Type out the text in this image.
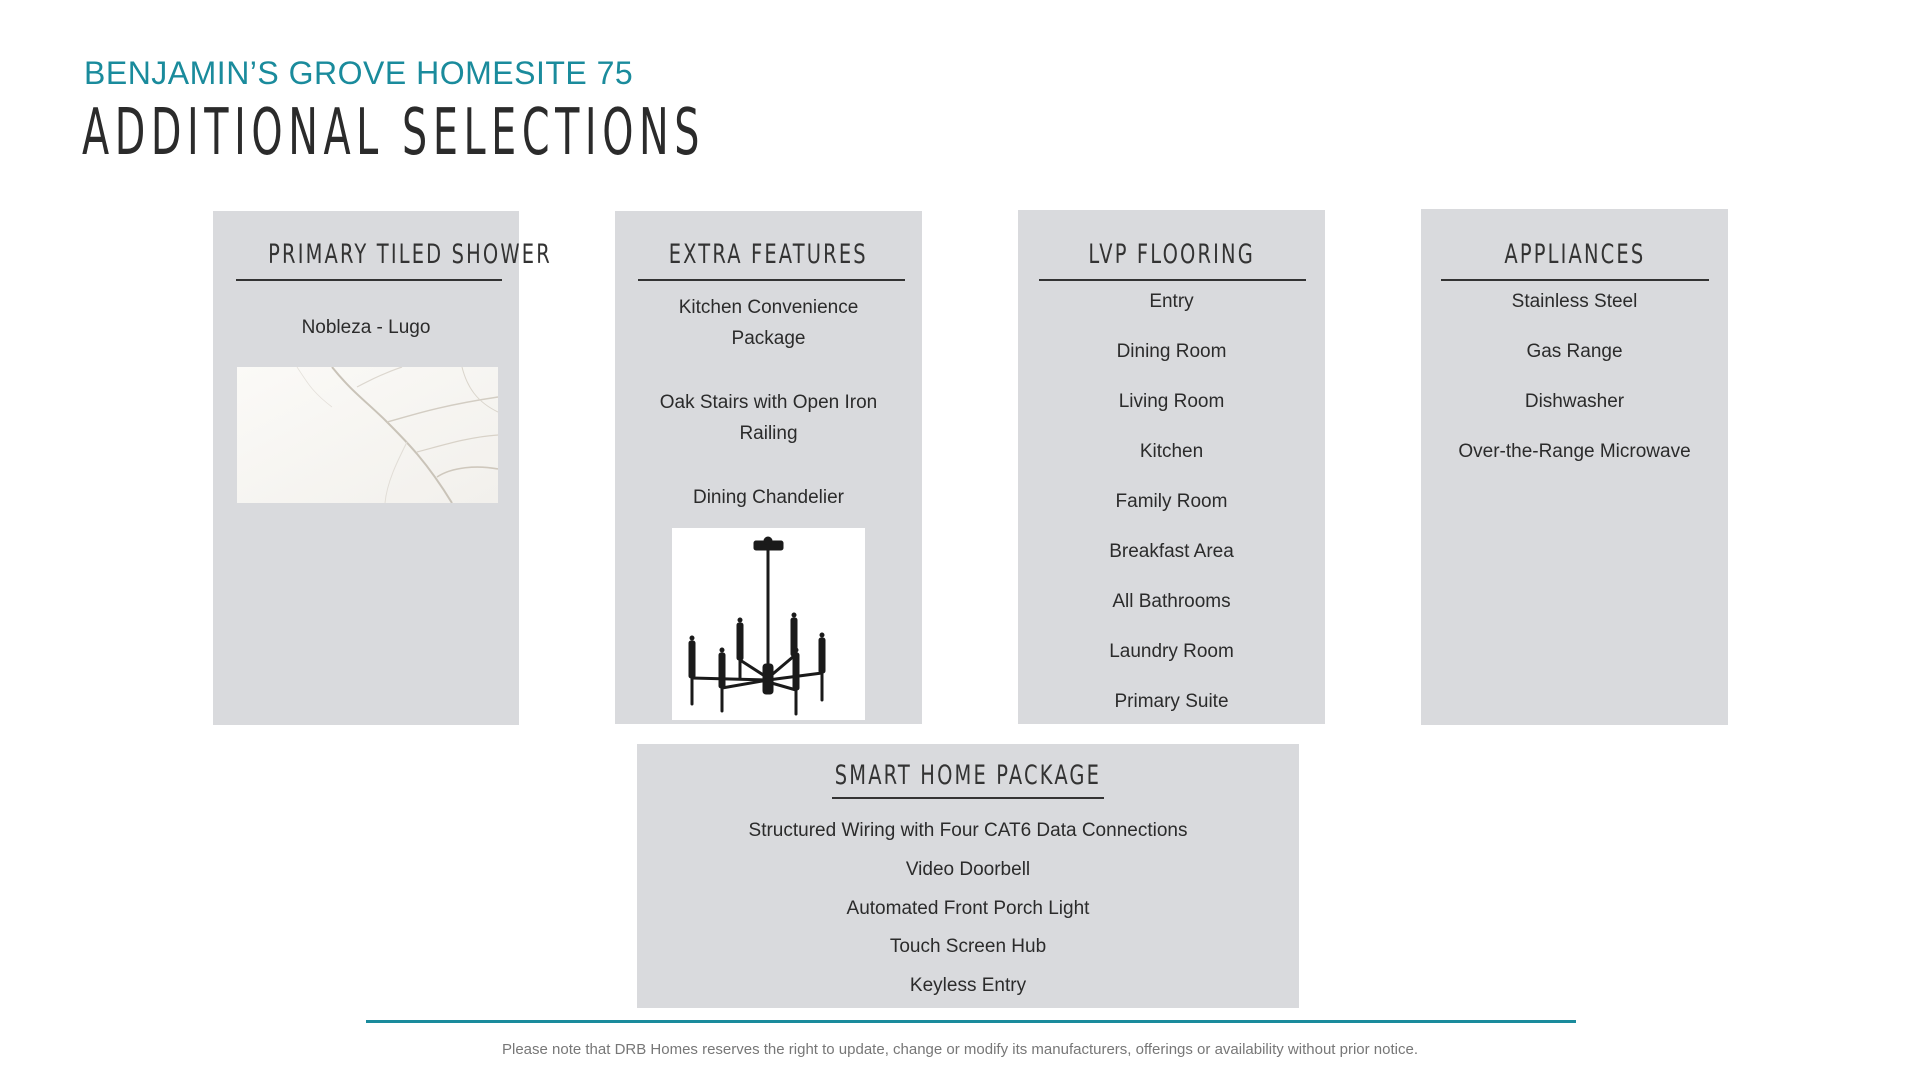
BENJAMIN’S GROVE HOMESITE 75
ADDITIONAL SELECTIONS
PRIMARY TILED SHOWER
Nobleza - Lugo
EXTRA FEATURES
Kitchen Convenience Package
Oak Stairs with Open Iron Railing
Dining Chandelier
LVP FLOORING
Entry
Dining Room
Living Room
Kitchen
Family Room
Breakfast Area
All Bathrooms
Laundry Room
Primary Suite
APPLIANCES
Stainless Steel
Gas Range
Dishwasher
Over-the-Range Microwave
SMART HOME PACKAGE
Structured Wiring with Four CAT6 Data Connections
Video Doorbell
Automated Front Porch Light
Touch Screen Hub
Keyless Entry
Please note that DRB Homes reserves the right to update, change or modify its manufacturers, offerings or availability without prior notice.
